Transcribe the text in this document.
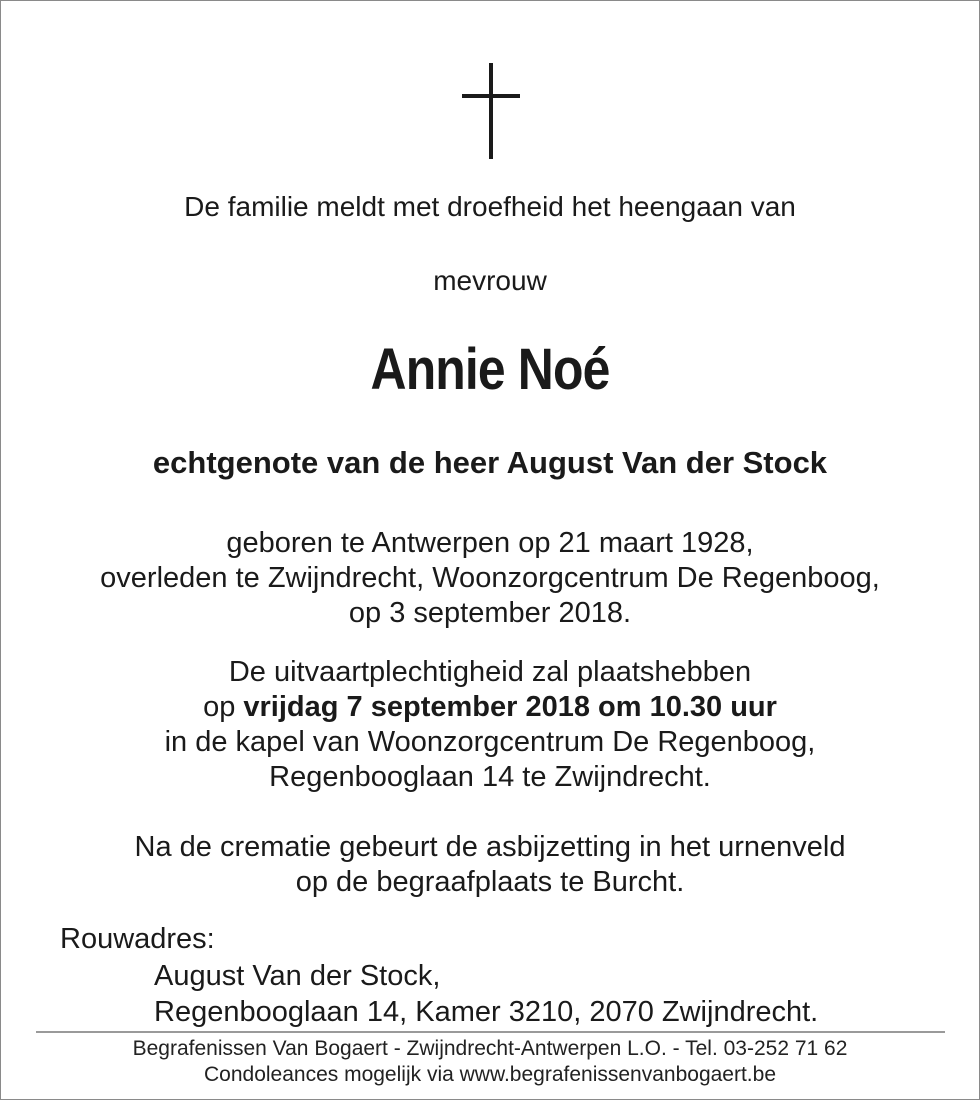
De familie meldt met droefheid het heengaan van
mevrouw
Annie Noé
echtgenote van de heer August Van der Stock
geboren te Antwerpen op 21 maart 1928,
overleden te Zwijndrecht, Woonzorgcentrum De Regenboog,
op 3 september 2018.
De uitvaartplechtigheid zal plaatshebben
op vrijdag 7 september 2018 om 10.30 uur
in de kapel van Woonzorgcentrum De Regenboog,
Regenbooglaan 14 te Zwijndrecht.
Na de crematie gebeurt de asbijzetting in het urnenveld
op de begraafplaats te Burcht.
Rouwadres:
August Van der Stock,
Regenbooglaan 14, Kamer 3210, 2070 Zwijndrecht.
Begrafenissen Van Bogaert - Zwijndrecht-Antwerpen L.O. - Tel. 03-252 71 62
Condoleances mogelijk via www.begrafenissenvanbogaert.be
